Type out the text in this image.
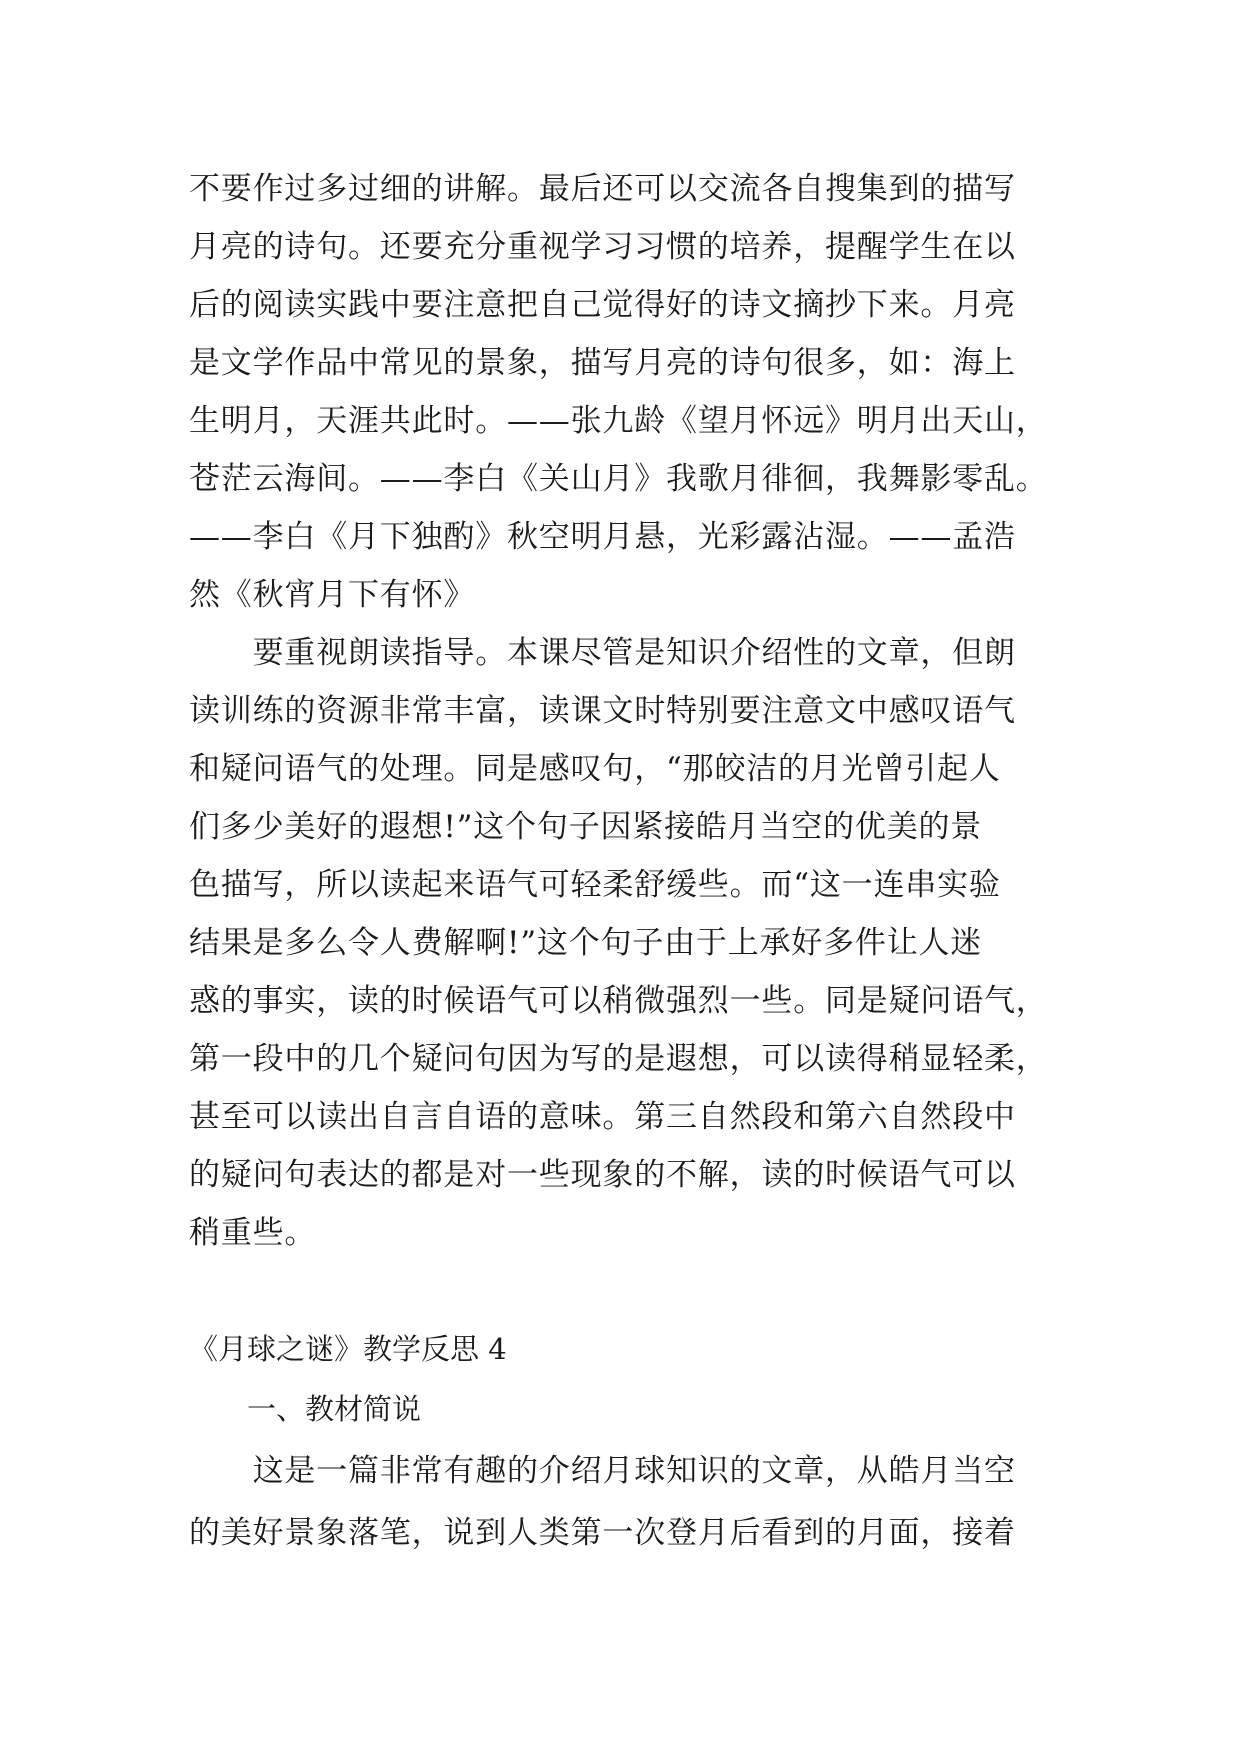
不要作过多过细的讲解。最后还可以交流各自搜集到的描写
月亮的诗句。还要充分重视学习习惯的培养，提醒学生在以
后的阅读实践中要注意把自己觉得好的诗文摘抄下来。月亮
是文学作品中常见的景象，描写月亮的诗句很多，如：海上
生明月，天涯共此时。——张九龄《望月怀远》明月出天山，
苍茫云海间。——李白《关山月》我歌月徘徊，我舞影零乱。
——李白《月下独酌》秋空明月悬，光彩露沾湿。——孟浩
然《秋宵月下有怀》
　　要重视朗读指导。本课尽管是知识介绍性的文章，但朗
读训练的资源非常丰富，读课文时特别要注意文中感叹语气
和疑问语气的处理。同是感叹句，“那皎洁的月光曾引起人
们多少美好的遐想!”这个句子因紧接皓月当空的优美的景
色描写，所以读起来语气可轻柔舒缓些。而“这一连串实验
结果是多么令人费解啊!”这个句子由于上承好多件让人迷
惑的事实，读的时候语气可以稍微强烈一些。同是疑问语气，
第一段中的几个疑问句因为写的是遐想，可以读得稍显轻柔，
甚至可以读出自言自语的意味。第三自然段和第六自然段中
的疑问句表达的都是对一些现象的不解，读的时候语气可以
稍重些。
《月球之谜》教学反思 4
　　一、教材简说
　　这是一篇非常有趣的介绍月球知识的文章，从皓月当空
的美好景象落笔，说到人类第一次登月后看到的月面，接着
